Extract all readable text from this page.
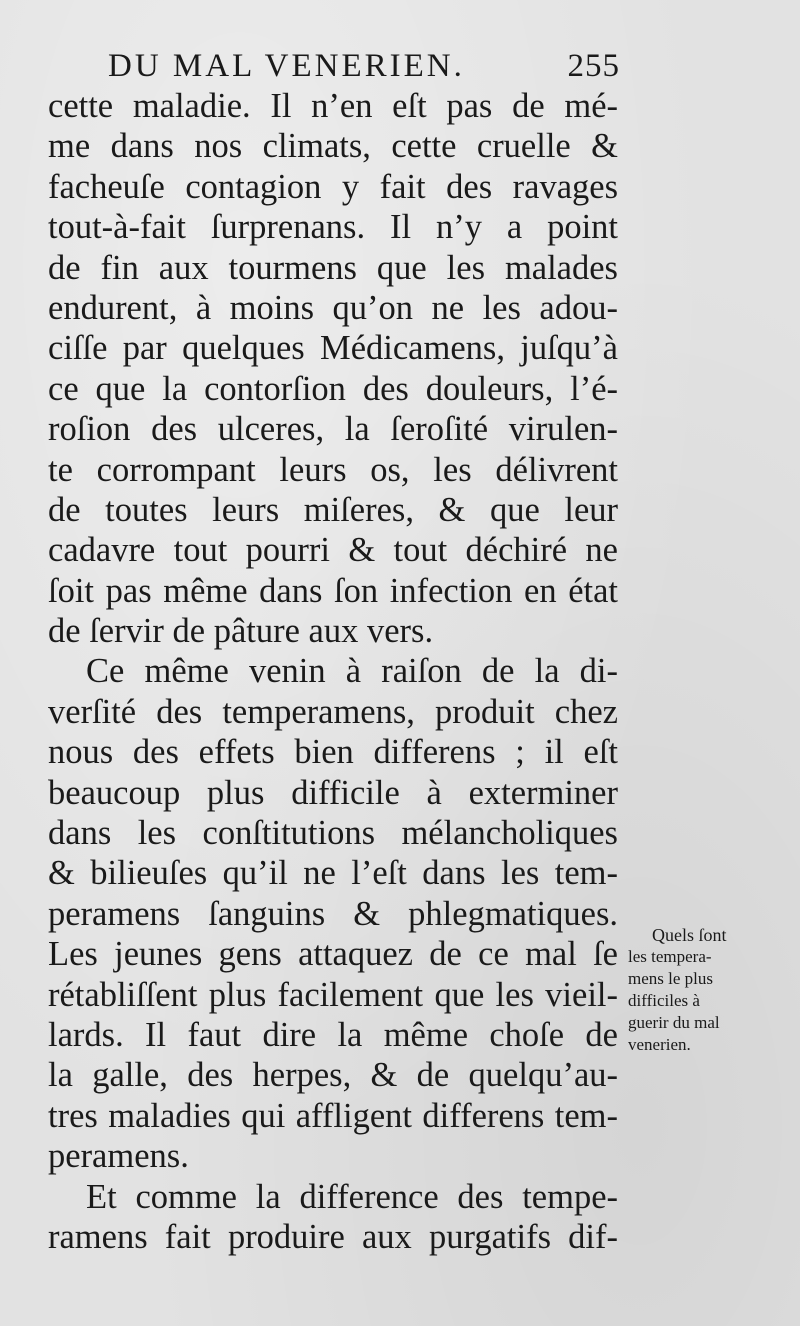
DU MAL VENERIEN.	255
cette maladie. Il n’en eſt pas de mé-
me dans nos climats, cette cruelle &
facheuſe contagion y fait des ravages
tout-à-fait ſurprenans. Il n’y a point
de fin aux tourmens que les malades
endurent, à moins qu’on ne les adou-
ciſſe par quelques Médicamens, juſqu’à
ce que la contorſion des douleurs, l’é-
roſion des ulceres, la ſeroſité virulen-
te corrompant leurs os, les délivrent
de toutes leurs miſeres, & que leur
cadavre tout pourri & tout déchiré ne
ſoit pas même dans ſon infection en état
de ſervir de pâture aux vers.
Ce même venin à raiſon de la di-
verſité des temperamens, produit chez
nous des effets bien differens ; il eſt
beaucoup plus difficile à exterminer
dans les conſtitutions mélancholiques
& bilieuſes qu’il ne l’eſt dans les tem-
peramens ſanguins & phlegmatiques.
Les jeunes gens attaquez de ce mal ſe
rétabliſſent plus facilement que les vieil-
lards. Il faut dire la même choſe de
la galle, des herpes, & de quelqu’au-
tres maladies qui affligent differens tem-
peramens.
Et comme la difference des tempe-
ramens fait produire aux purgatifs dif-
Quels ſont
les tempera-
mens le plus
difficiles à
guerir du mal
venerien.
